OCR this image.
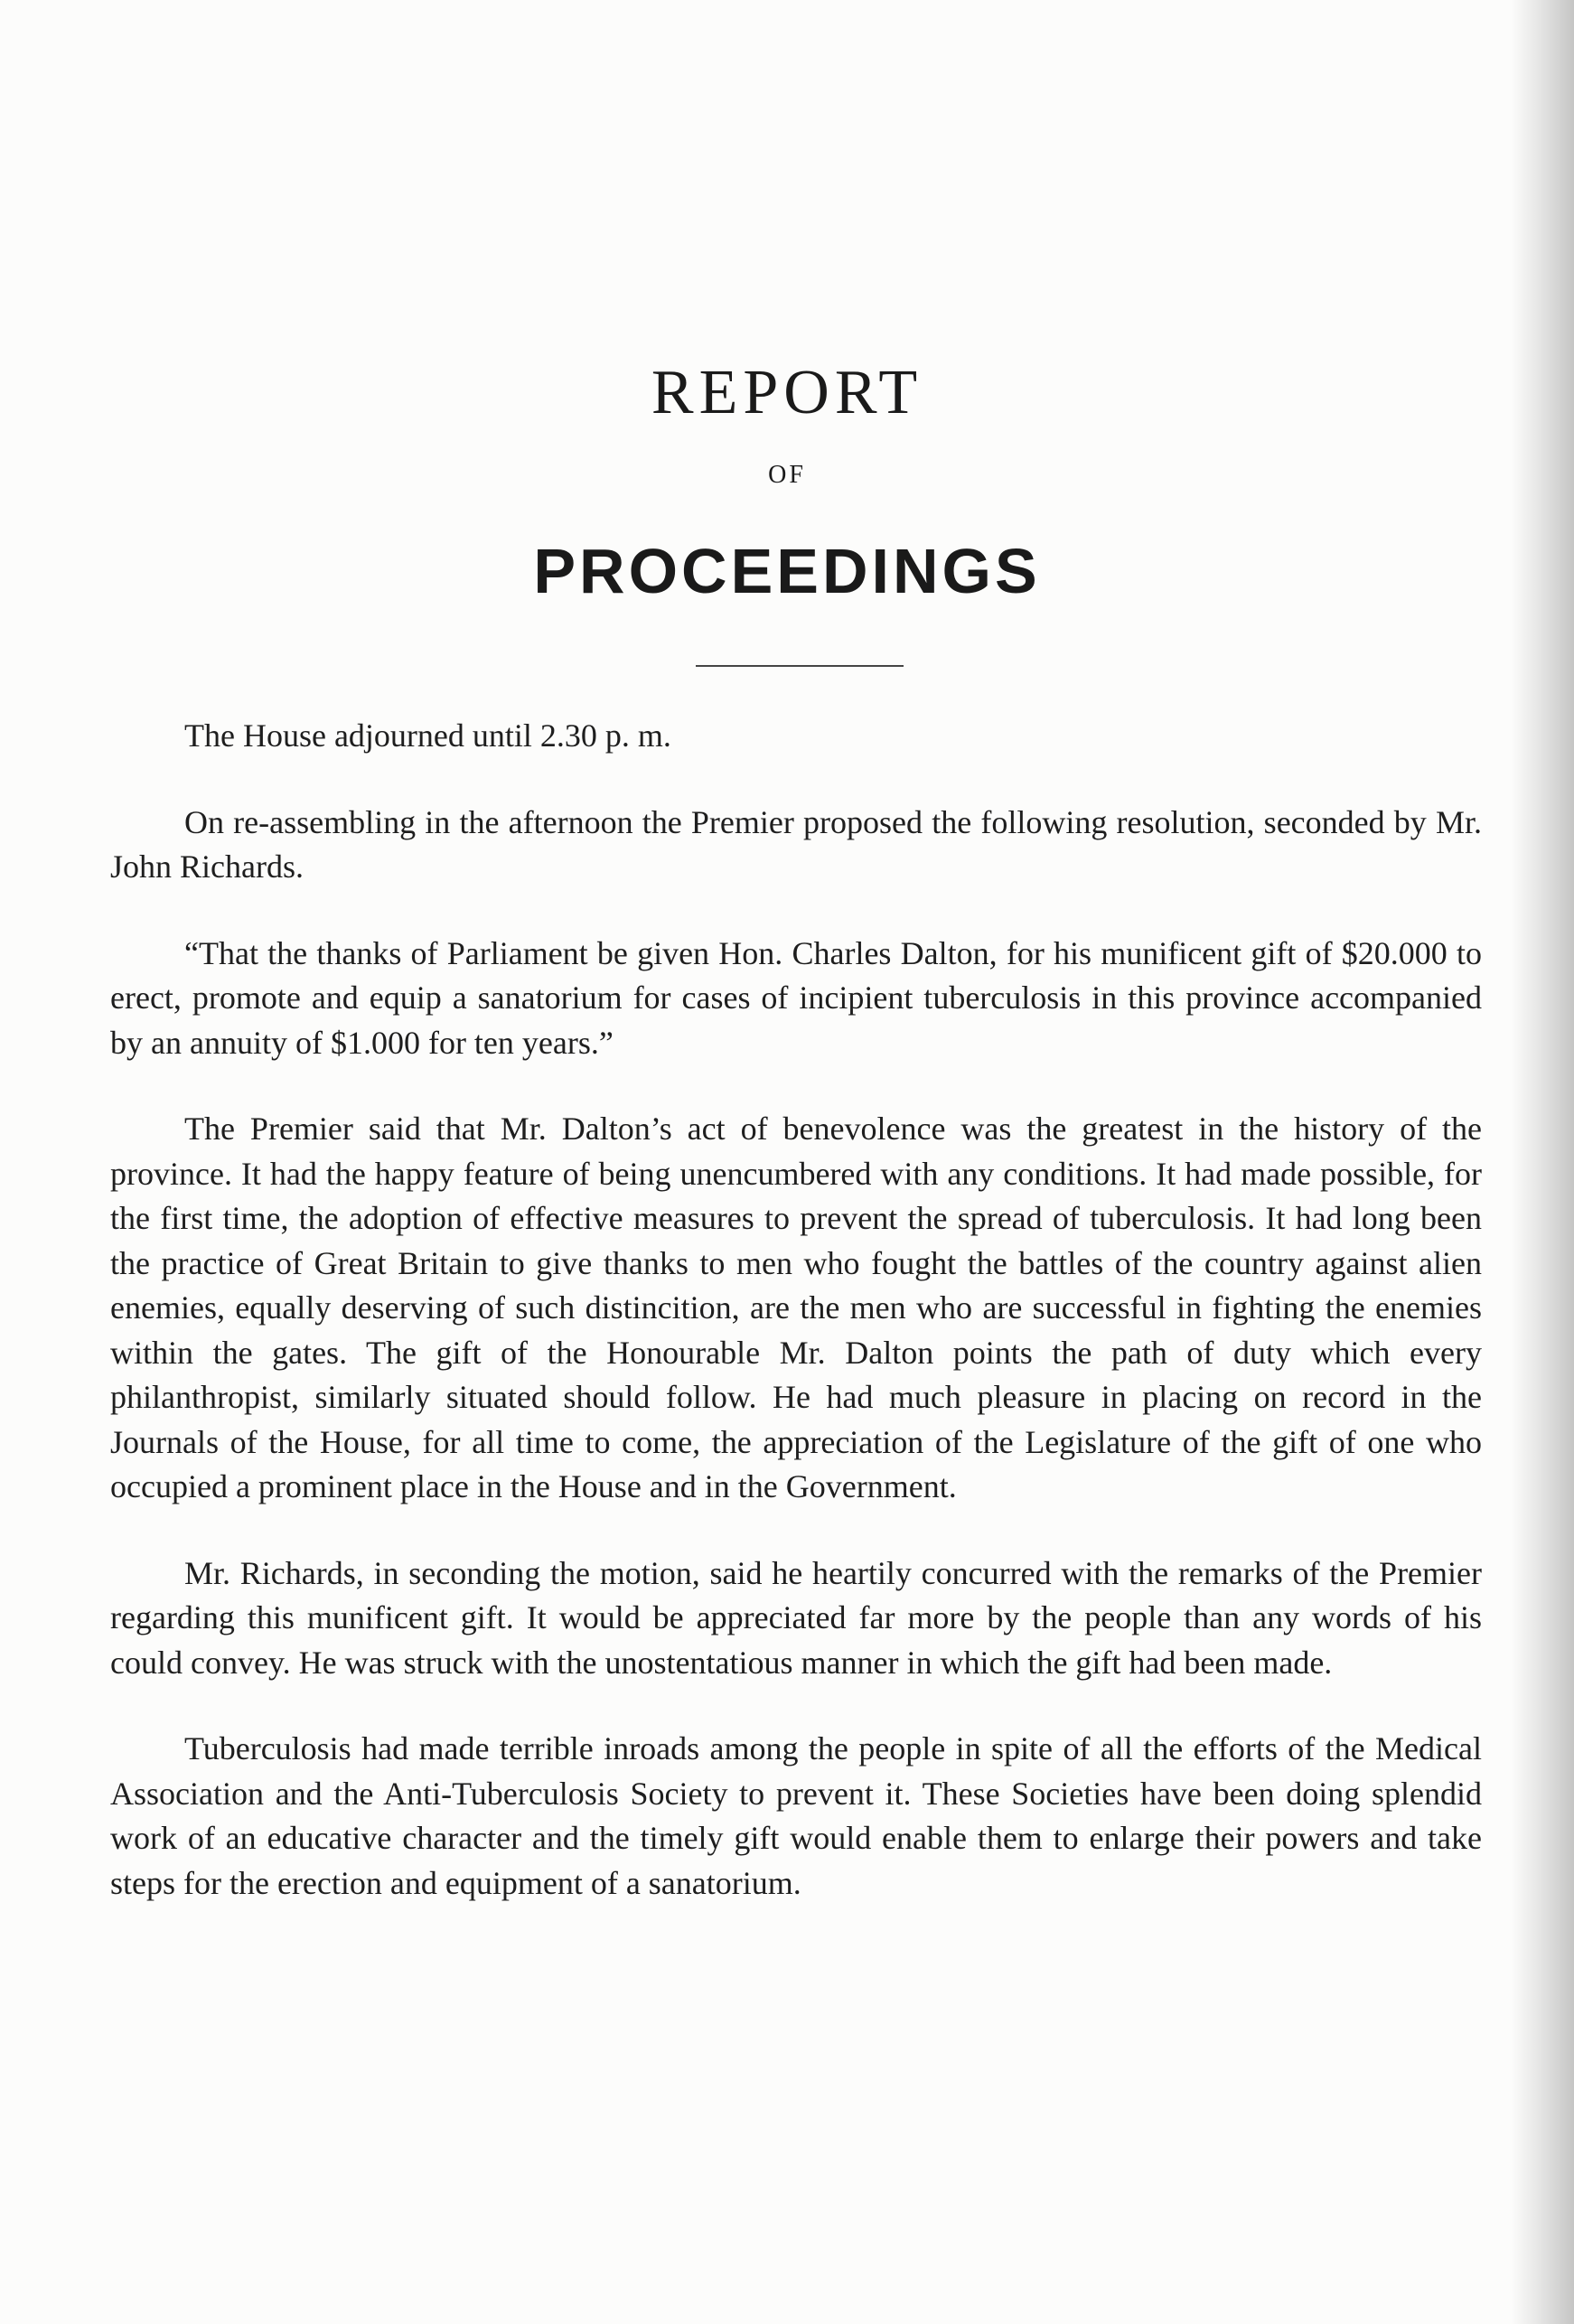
REPORT
OF
PROCEEDINGS

The House adjourned until 2.30 p. m.

On re-assembling in the afternoon the Premier proposed the following resolution, seconded by Mr. John Richards.

“That the thanks of Parliament be given Hon. Charles Dalton, for his munificent gift of $20.000 to erect, promote and equip a sanatorium for cases of incipient tuberculosis in this province accompanied by an annuity of $1.000 for ten years.”

The Premier said that Mr. Dalton’s act of benevolence was the greatest in the history of the province. It had the happy feature of being unencumbered with any conditions. It had made possible, for the first time, the adoption of effective measures to prevent the spread of tuberculosis. It had long been the practice of Great Britain to give thanks to men who fought the battles of the country against alien enemies, equally deserving of such distincition, are the men who are successful in fighting the enemies within the gates. The gift of the Honourable Mr. Dalton points the path of duty which every philanthropist, similarly situated should follow. He had much pleasure in placing on record in the Journals of the House, for all time to come, the appreciation of the Legislature of the gift of one who occupied a prominent place in the House and in the Government.

Mr. Richards, in seconding the motion, said he heartily concurred with the remarks of the Premier regarding this munificent gift. It would be appreciated far more by the people than any words of his could convey. He was struck with the unostentatious manner in which the gift had been made.

Tuberculosis had made terrible inroads among the people in spite of all the efforts of the Medical Association and the Anti-Tuberculosis Society to prevent it. These Societies have been doing splendid work of an educative character and the timely gift would enable them to enlarge their powers and take steps for the erection and equipment of a sanatorium.
